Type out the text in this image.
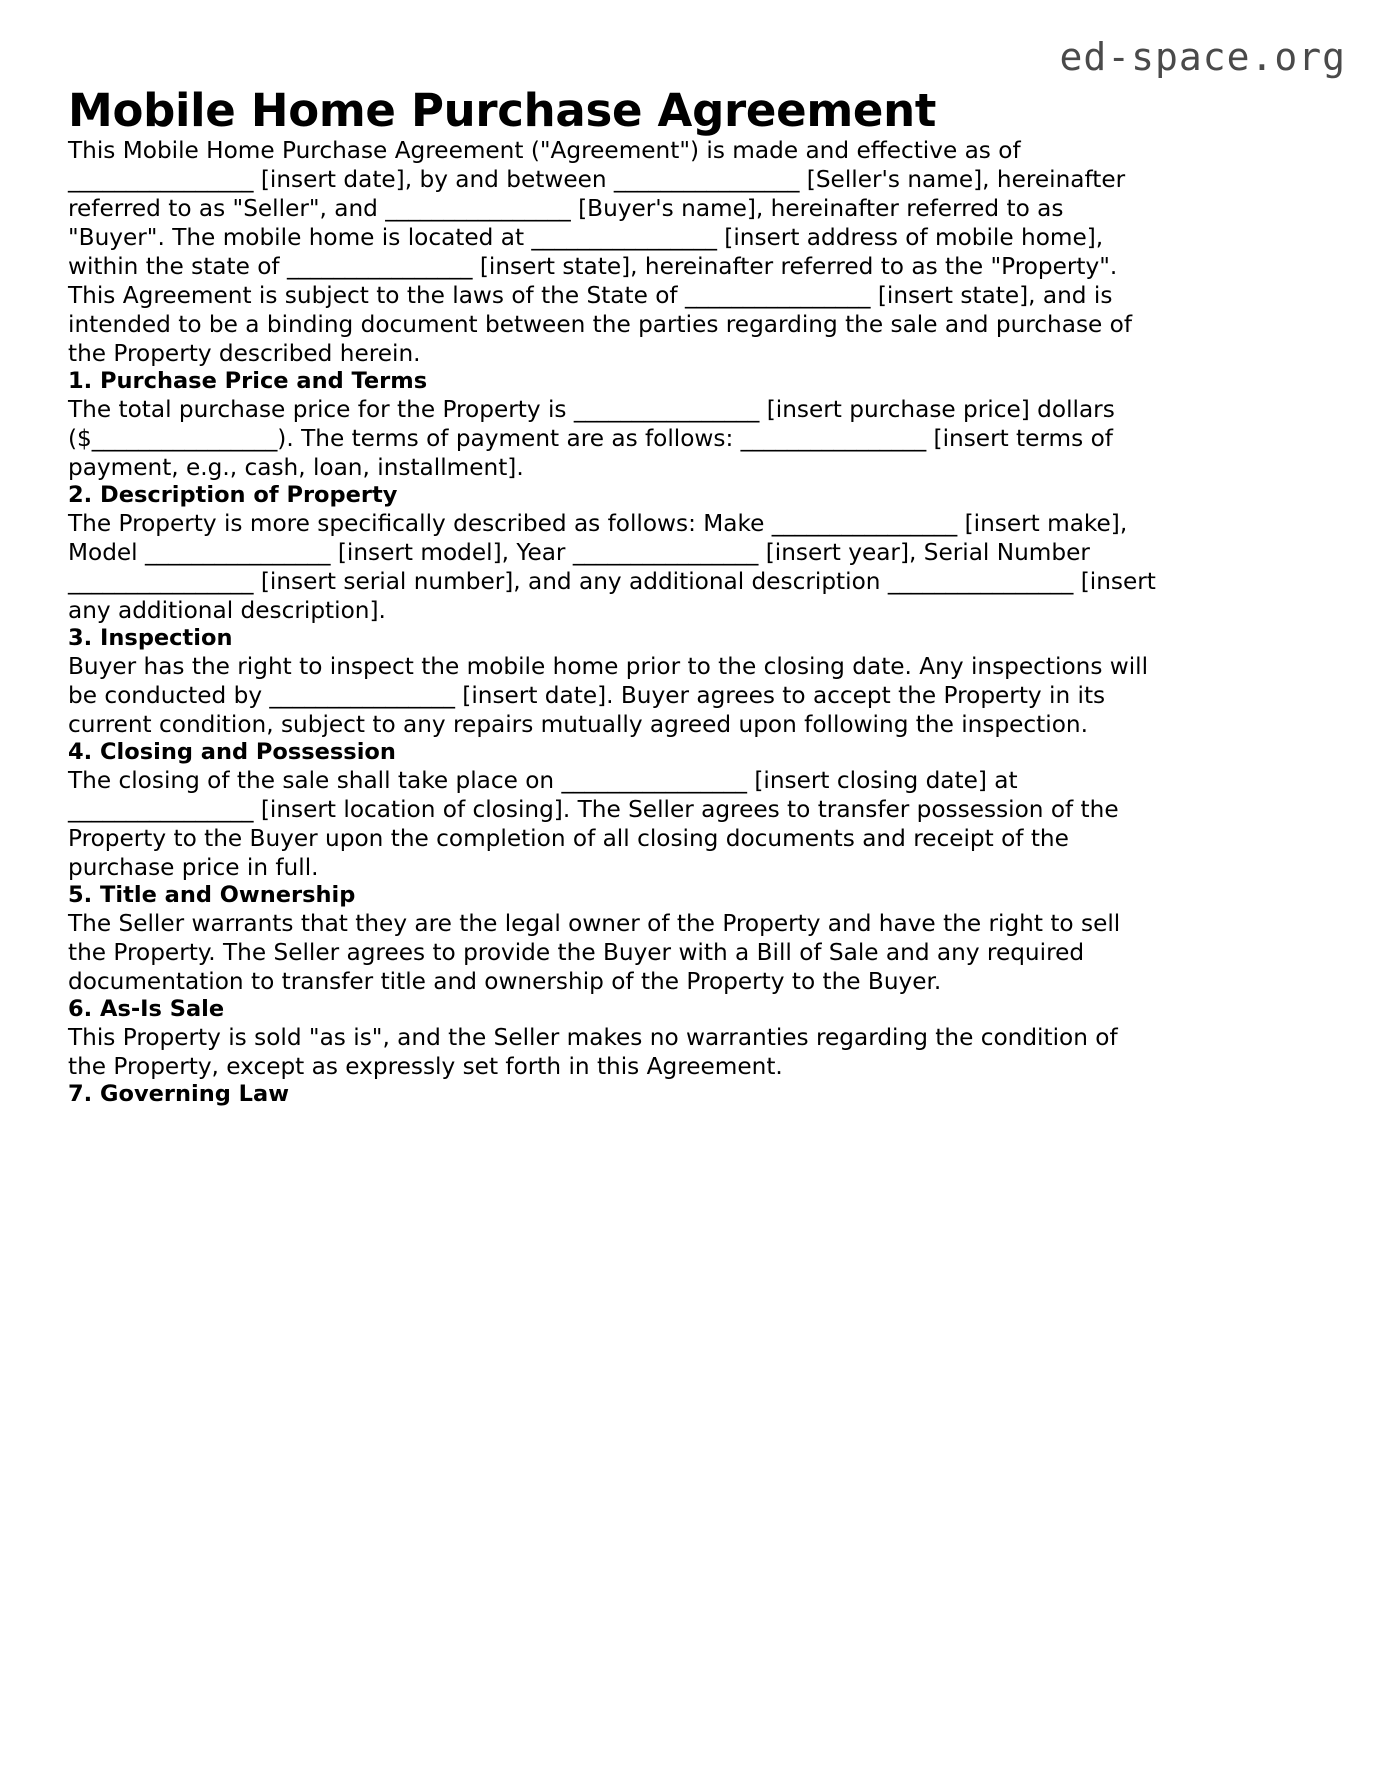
ed-space.org
Mobile Home Purchase Agreement

This Mobile Home Purchase Agreement ("Agreement") is made and effective as of ________________ [insert date], by and between ________________ [Seller's name], hereinafter referred to as "Seller", and ________________ [Buyer's name], hereinafter referred to as "Buyer". The mobile home is located at ________________ [insert address of mobile home], within the state of ________________ [insert state], hereinafter referred to as the "Property". This Agreement is subject to the laws of the State of ________________ [insert state], and is intended to be a binding document between the parties regarding the sale and purchase of the Property described herein.

1. Purchase Price and Terms

The total purchase price for the Property is ________________ [insert purchase price] dollars ($________________). The terms of payment are as follows: ________________ [insert terms of payment, e.g., cash, loan, installment].

2. Description of Property

The Property is more specifically described as follows: Make ________________ [insert make], Model ________________ [insert model], Year ________________ [insert year], Serial Number ________________ [insert serial number], and any additional description ________________ [insert any additional description].

3. Inspection

Buyer has the right to inspect the mobile home prior to the closing date. Any inspections will be conducted by ________________ [insert date]. Buyer agrees to accept the Property in its current condition, subject to any repairs mutually agreed upon following the inspection.

4. Closing and Possession

The closing of the sale shall take place on ________________ [insert closing date] at ________________ [insert location of closing]. The Seller agrees to transfer possession of the Property to the Buyer upon the completion of all closing documents and receipt of the purchase price in full.

5. Title and Ownership

The Seller warrants that they are the legal owner of the Property and have the right to sell the Property. The Seller agrees to provide the Buyer with a Bill of Sale and any required documentation to transfer title and ownership of the Property to the Buyer.

6. As-Is Sale

This Property is sold "as is", and the Seller makes no warranties regarding the condition of the Property, except as expressly set forth in this Agreement.

7. Governing Law
